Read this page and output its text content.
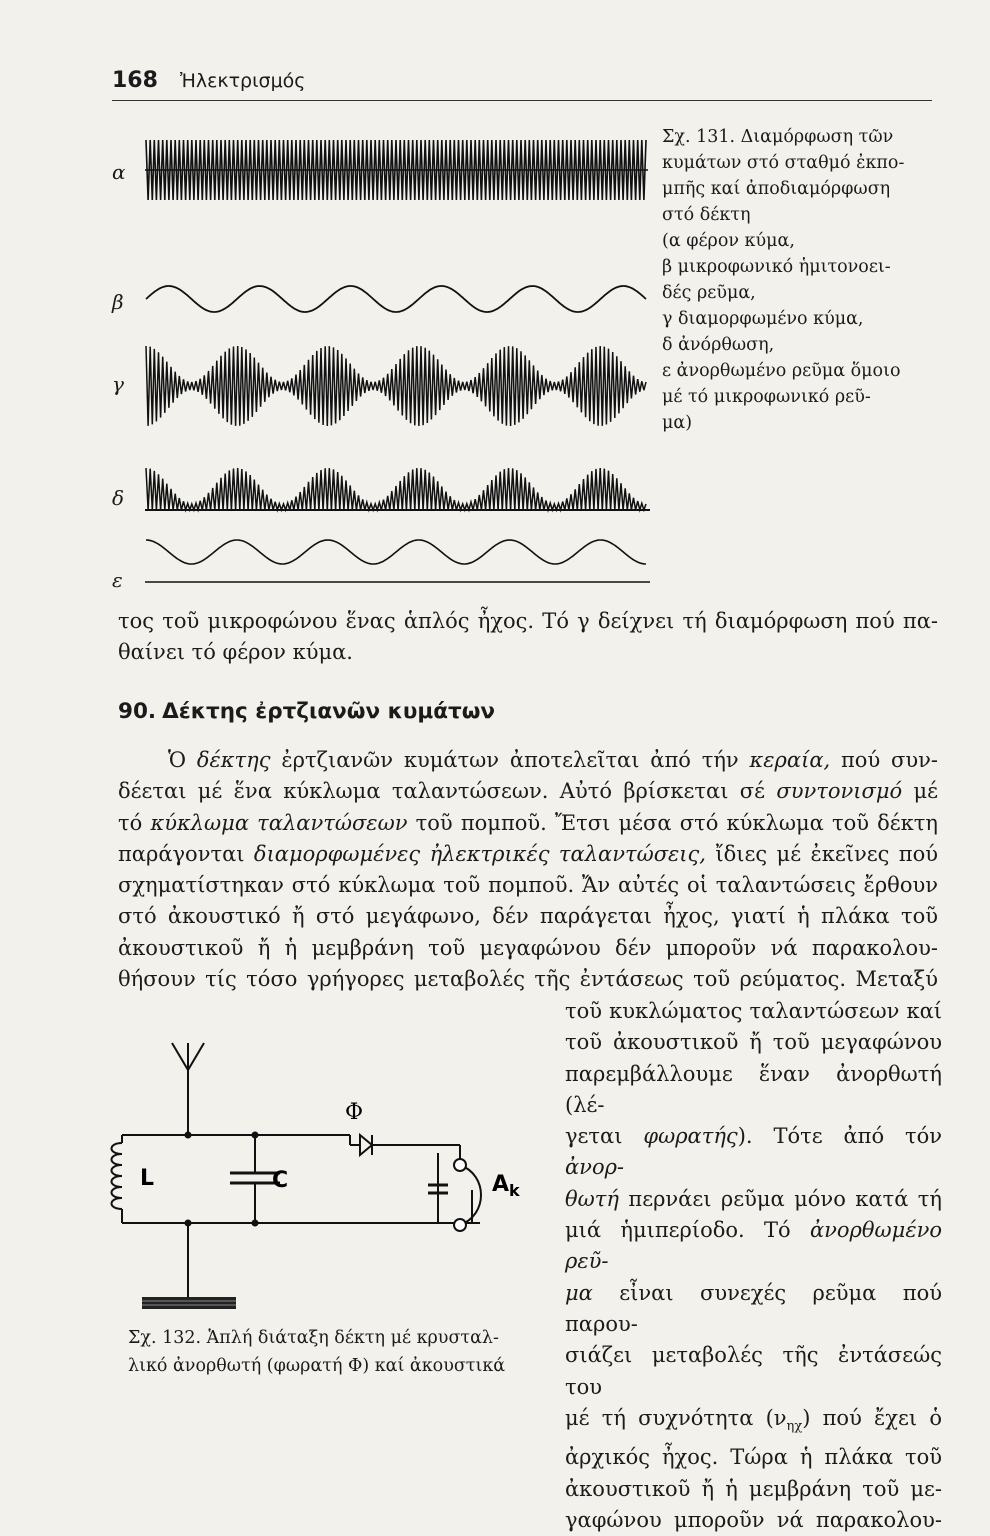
168 Ἠλεκτρισμός
α
β
γ
δ
ε
Σχ. 131. Διαμόρφωση τῶν
κυμάτων στό σταθμό ἐκπο-
μπῆς καί ἀποδιαμόρφωση
στό δέκτη
(α φέρον κύμα,
β μικροφωνικό ἡμιτονοει-
δές ρεῦμα,
γ διαμορφωμένο κύμα,
δ ἀνόρθωση,
ε ἀνορθωμένο ρεῦμα ὅμοιο
μέ τό μικροφωνικό ρεῦ-
μα)
τος τοῦ μικροφώνου ἕνας ἁπλός ἦχος. Τό γ δείχνει τή διαμόρφωση πού πα-
θαίνει τό φέρον κύμα.
90. Δέκτης ἐρτζιανῶν κυμάτων
Ὁ δέκτης ἐρτζιανῶν κυμάτων ἀποτελεῖται ἀπό τήν κεραία, πού συν-
δέεται μέ ἕνα κύκλωμα ταλαντώσεων. Αὐτό βρίσκεται σέ συντονισμό μέ
τό κύκλωμα ταλαντώσεων τοῦ πομποῦ. Ἔτσι μέσα στό κύκλωμα τοῦ δέκτη
παράγονται διαμορφωμένες ἠλεκτρικές ταλαντώσεις, ἴδιες μέ ἐκεῖνες πού
σχηματίστηκαν στό κύκλωμα τοῦ πομποῦ. Ἄν αὐτές οἱ ταλαντώσεις ἔρθουν
στό ἀκουστικό ἤ στό μεγάφωνο, δέν παράγεται ἦχος, γιατί ἡ πλάκα τοῦ
ἀκουστικοῦ ἤ ἡ μεμβράνη τοῦ μεγαφώνου δέν μποροῦν νά παρακολου-
θήσουν τίς τόσο γρήγορες μεταβολές τῆς ἐντάσεως τοῦ ρεύματος. Μεταξύ
τοῦ κυκλώματος ταλαντώσεων καί
τοῦ ἀκουστικοῦ ἤ τοῦ μεγαφώνου
παρεμβάλλουμε ἕναν ἀνορθωτή (λέ-
γεται φωρατής). Τότε ἀπό τόν ἀνορ-
θωτή περνάει ρεῦμα μόνο κατά τή
μιά ἡμιπερίοδο. Τό ἀνορθωμένο ρεῦ-
μα εἶναι συνεχές ρεῦμα πού παρου-
σιάζει μεταβολές τῆς ἐντάσεώς του
μέ τή συχνότητα $(\nu_{\eta\chi})$ πού ἔχει ὁ
ἀρχικός ἦχος. Τώρα ἡ πλάκα τοῦ
ἀκουστικοῦ ἤ ἡ μεμβράνη τοῦ με-
γαφώνου μποροῦν νά παρακολου-
Φ
L	C	$A_k$
Σχ. 132. Ἁπλή διάταξη δέκτη μέ κρυσταλ-
λικό ἀνορθωτή (φωρατή Φ) καί ἀκουστικά
